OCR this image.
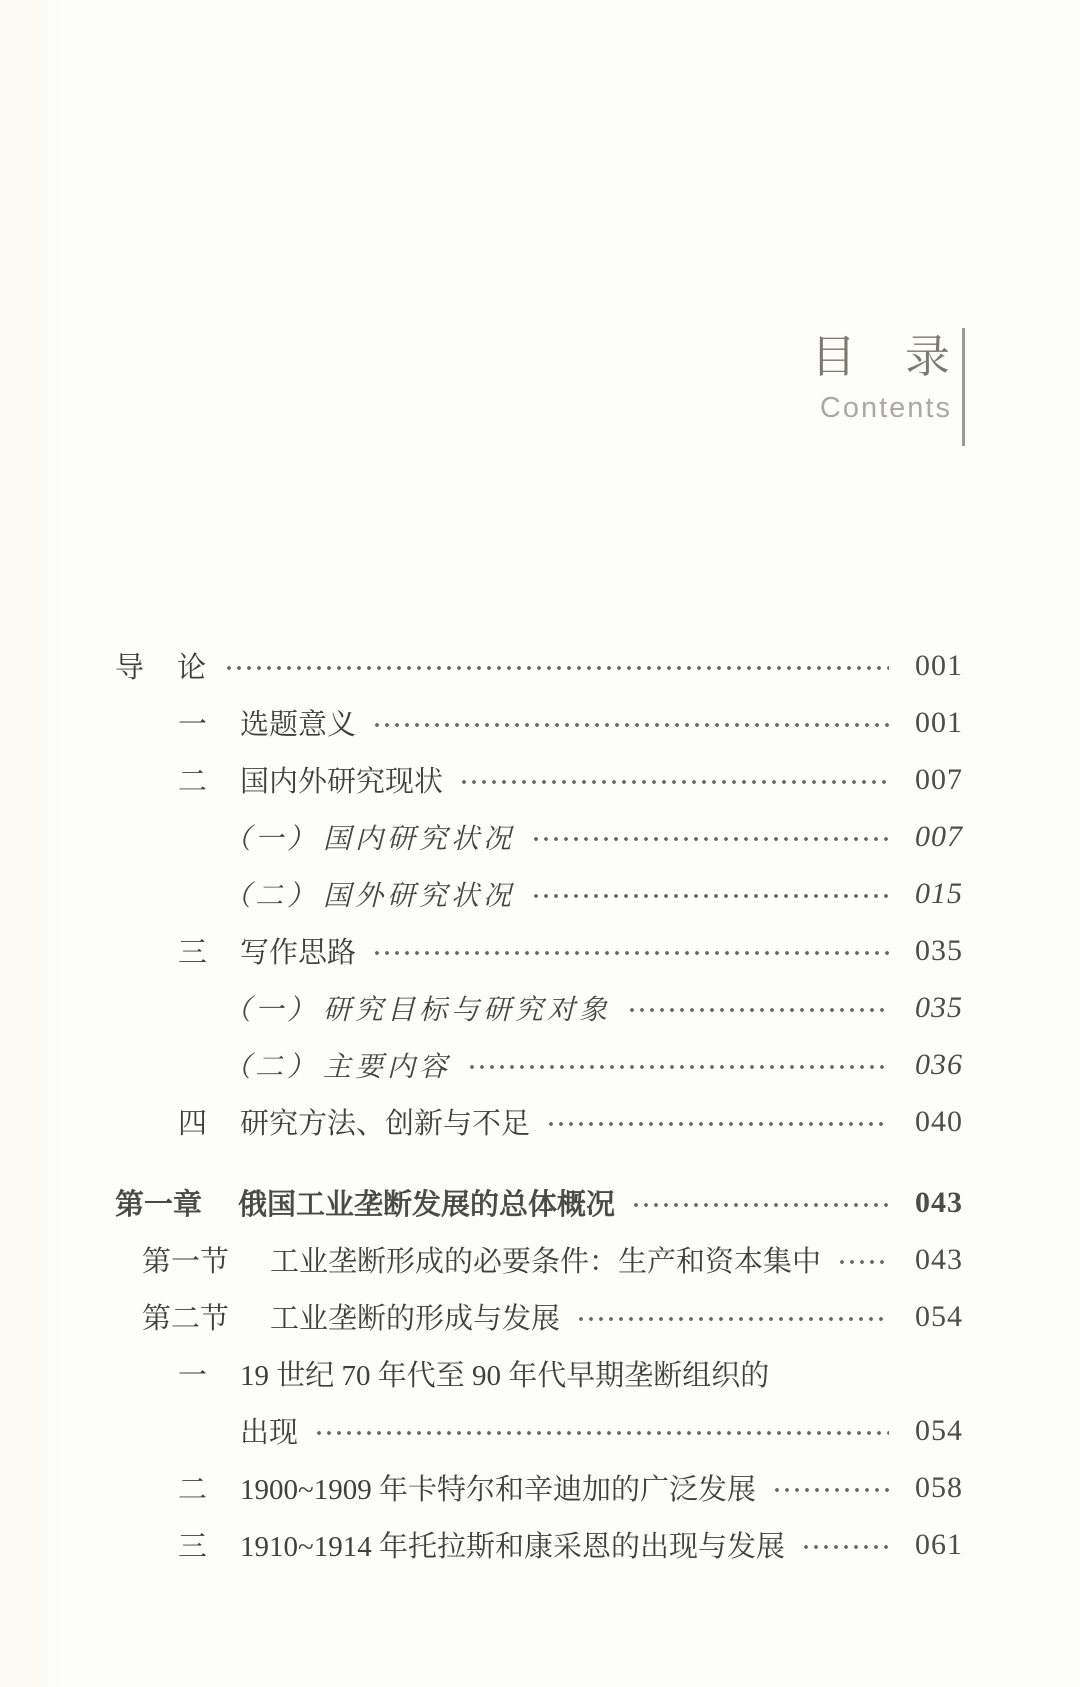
目　录
Contents
导　论	001
一	选题意义	001
二	国内外研究现状	007
（一） 国内研究状况	007
（二） 国外研究状况	015
三	写作思路	035
（一） 研究目标与研究对象	035
（二） 主要内容	036
四	研究方法、创新与不足	040
第一章	俄国工业垄断发展的总体概况	043
第一节	工业垄断形成的必要条件：生产和资本集中	043
第二节	工业垄断的形成与发展	054
一	19 世纪 70 年代至 90 年代早期垄断组织的
出现	054
二	1900~1909 年卡特尔和辛迪加的广泛发展	058
三	1910~1914 年托拉斯和康采恩的出现与发展	061
